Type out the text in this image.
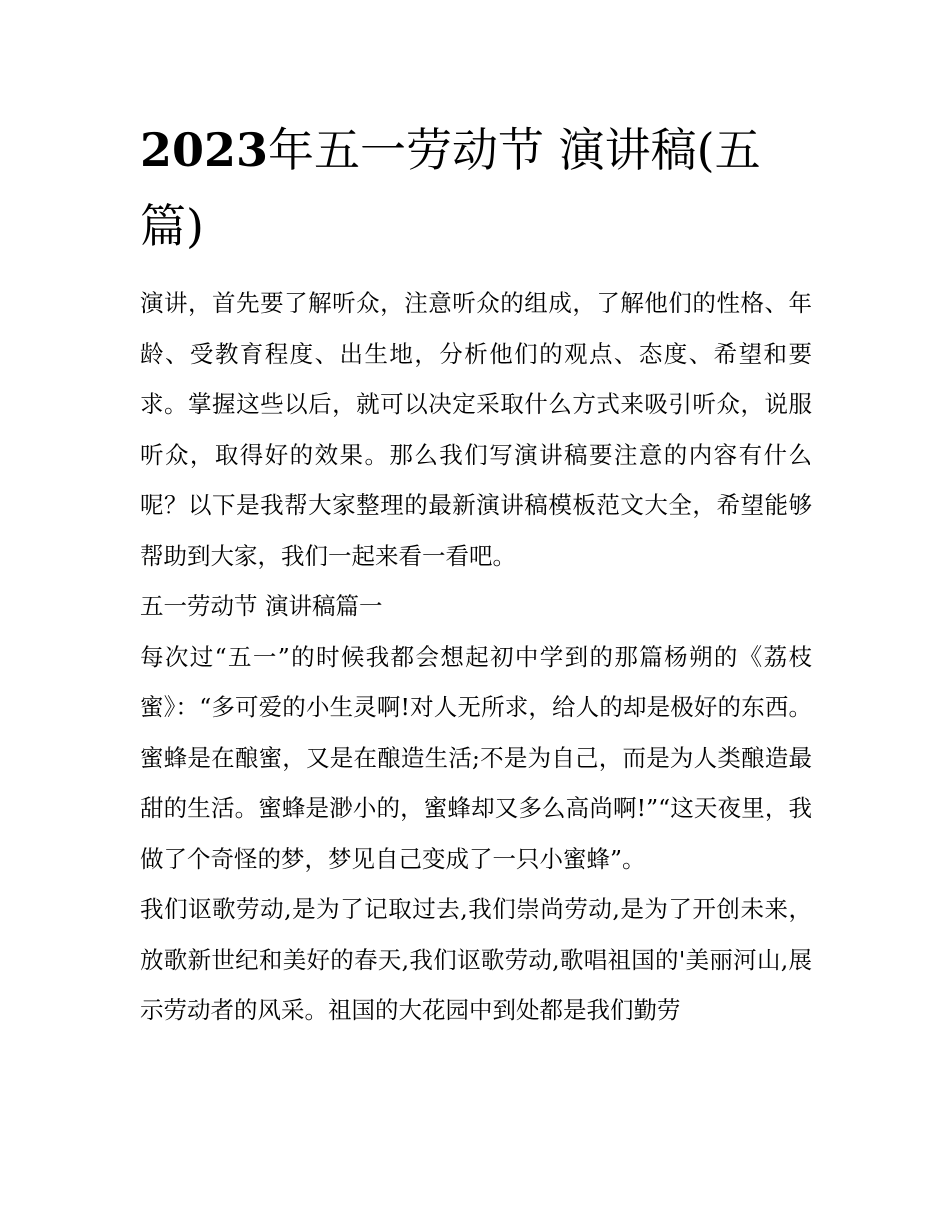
2023年五一劳动节 演讲稿(五篇)

演讲，首先要了解听众，注意听众的组成，了解他们的性格、年龄、受教育程度、出生地，分析他们的观点、态度、希望和要求。掌握这些以后，就可以决定采取什么方式来吸引听众，说服听众，取得好的效果。那么我们写演讲稿要注意的内容有什么呢？以下是我帮大家整理的最新演讲稿模板范文大全，希望能够帮助到大家，我们一起来看一看吧。

五一劳动节 演讲稿篇一

每次过“五一”的时候我都会想起初中学到的那篇杨朔的《荔枝蜜》：“多可爱的小生灵啊!对人无所求，给人的却是极好的东西。蜜蜂是在酿蜜，又是在酿造生活;不是为自己，而是为人类酿造最甜的生活。蜜蜂是渺小的，蜜蜂却又多么高尚啊!”“这天夜里，我做了个奇怪的梦，梦见自己变成了一只小蜜蜂”。

我们讴歌劳动,是为了记取过去,我们崇尚劳动,是为了开创未来，放歌新世纪和美好的春天,我们讴歌劳动,歌唱祖国的'美丽河山,展示劳动者的风采。祖国的大花园中到处都是我们勤劳
